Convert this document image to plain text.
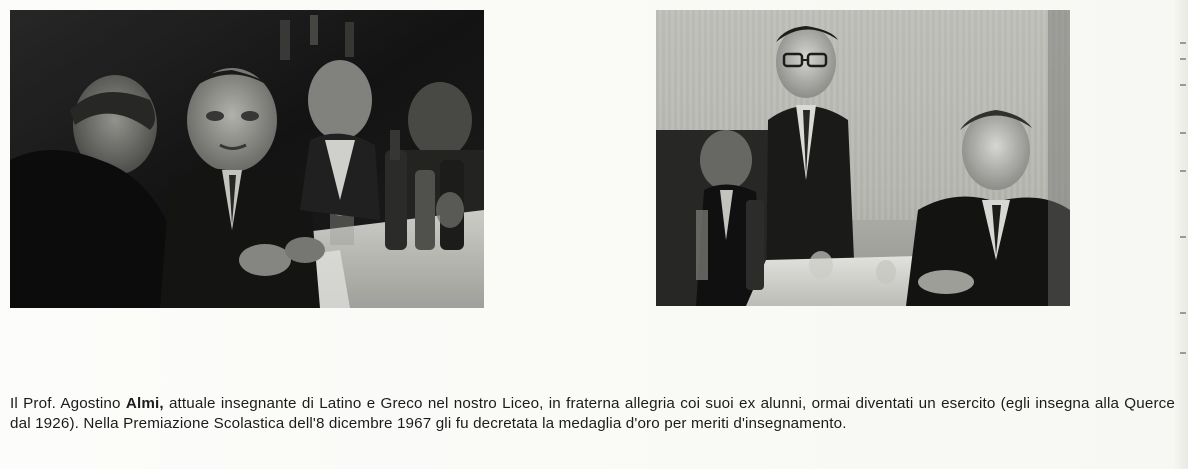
Il Prof. Agostino Almi, attuale insegnante di Latino e Greco nel nostro Liceo, in fraterna allegria coi suoi ex alunni, ormai diventati un esercito (egli insegna alla Querce dal 1926). Nella Premiazione Scolastica dell'8 dicembre 1967 gli fu decretata la medaglia d'oro per meriti d'insegnamento.
